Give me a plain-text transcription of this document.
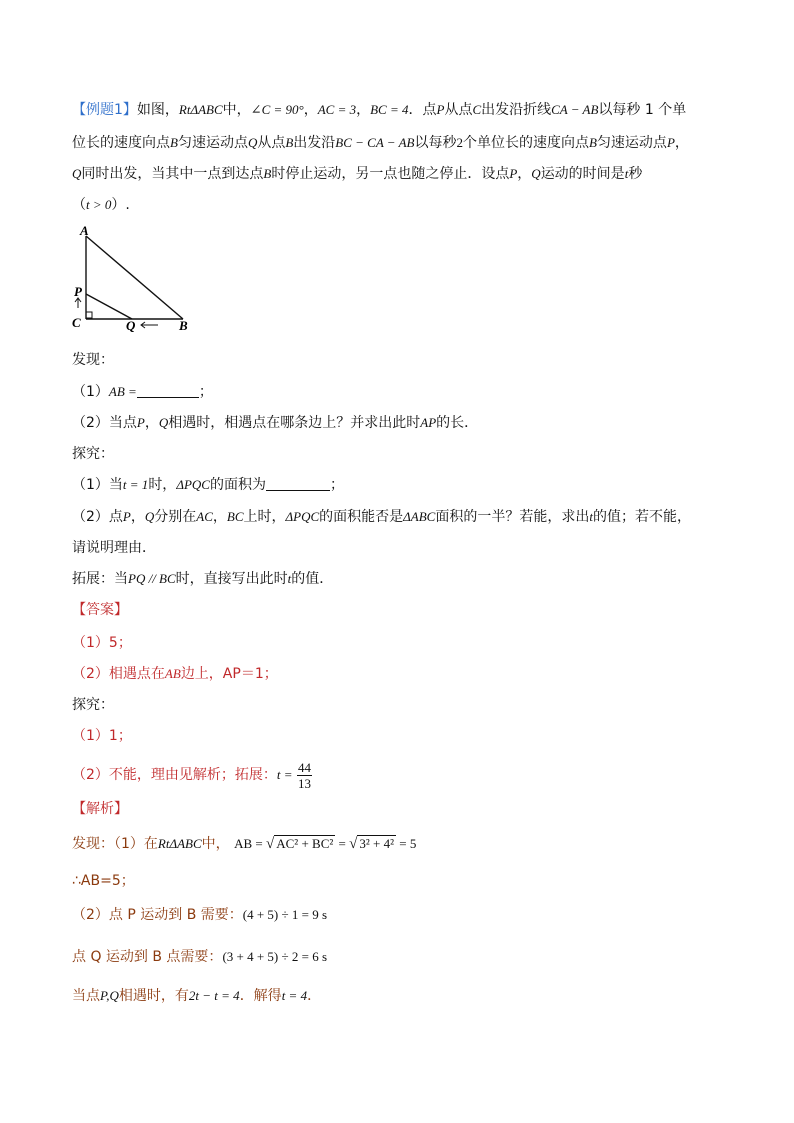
【例题1】如图，RtΔABC中，∠C = 90°，AC = 3，BC = 4．点P从点C出发沿折线CA − AB以每秒 1 个单
位长的速度向点B匀速运动点Q从点B出发沿BC − CA − AB以每秒2个单位长的速度向点B匀速运动点P，
Q同时出发，当其中一点到达点B时停止运动，另一点也随之停止．设点P，Q运动的时间是t秒
（t > 0）.
A
P
C	Q	B
发现：
（1）AB =	；
（2）当点P，Q相遇时，相遇点在哪条边上？并求出此时AP的长．
探究：
（1）当t = 1时，ΔPQC的面积为	；
（2）点P，Q分别在AC，BC上时，ΔPQC的面积能否是ΔABC面积的一半？若能，求出t的值；若不能，
请说明理由．
拓展：当PQ // BC时，直接写出此时t的值．
【答案】
（1）5；
（2）相遇点在AB边上，AP＝1；
探究：
（1）1；
（2）不能，理由见解析；拓展：$t = \frac{44}{13}$
【解析】
发现：（1）在RtΔABC中， AB = √ AC² + BC² = √ 3² + 4² = 5
∴AB=5；
（2）点 P 运动到 B 需要：(4 + 5) ÷ 1 = 9 s
点 Q 运动到 B 点需要：(3 + 4 + 5) ÷ 2 = 6 s
当点P,Q相遇时，有2t − t = 4．解得t = 4．
